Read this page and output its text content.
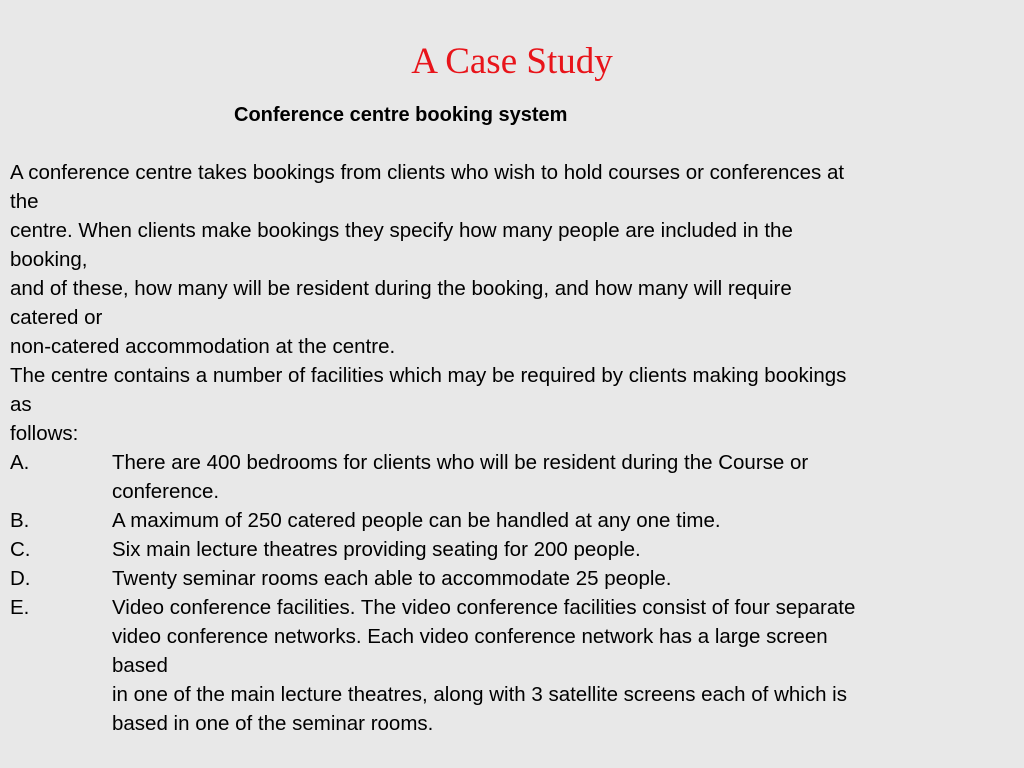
A Case Study

Conference centre booking system

A conference centre takes bookings from clients who wish to hold courses or conferences at
the
centre. When clients make bookings they specify how many people are included in the
booking,
and of these, how many will be resident during the booking, and how many will require
catered or
non-catered accommodation at the centre.
The centre contains a number of facilities which may be required by clients making bookings
as
follows:
A.	There are 400 bedrooms for clients who will be resident during the Course or
conference.
B.	A maximum of 250 catered people can be handled at any one time.
C.	Six main lecture theatres providing seating for 200 people.
D.	Twenty seminar rooms each able to accommodate 25 people.
E.	Video conference facilities. The video conference facilities consist of four separate
video conference networks. Each video conference network has a large screen
based
in one of the main lecture theatres, along with 3 satellite screens each of which is
based in one of the seminar rooms.
